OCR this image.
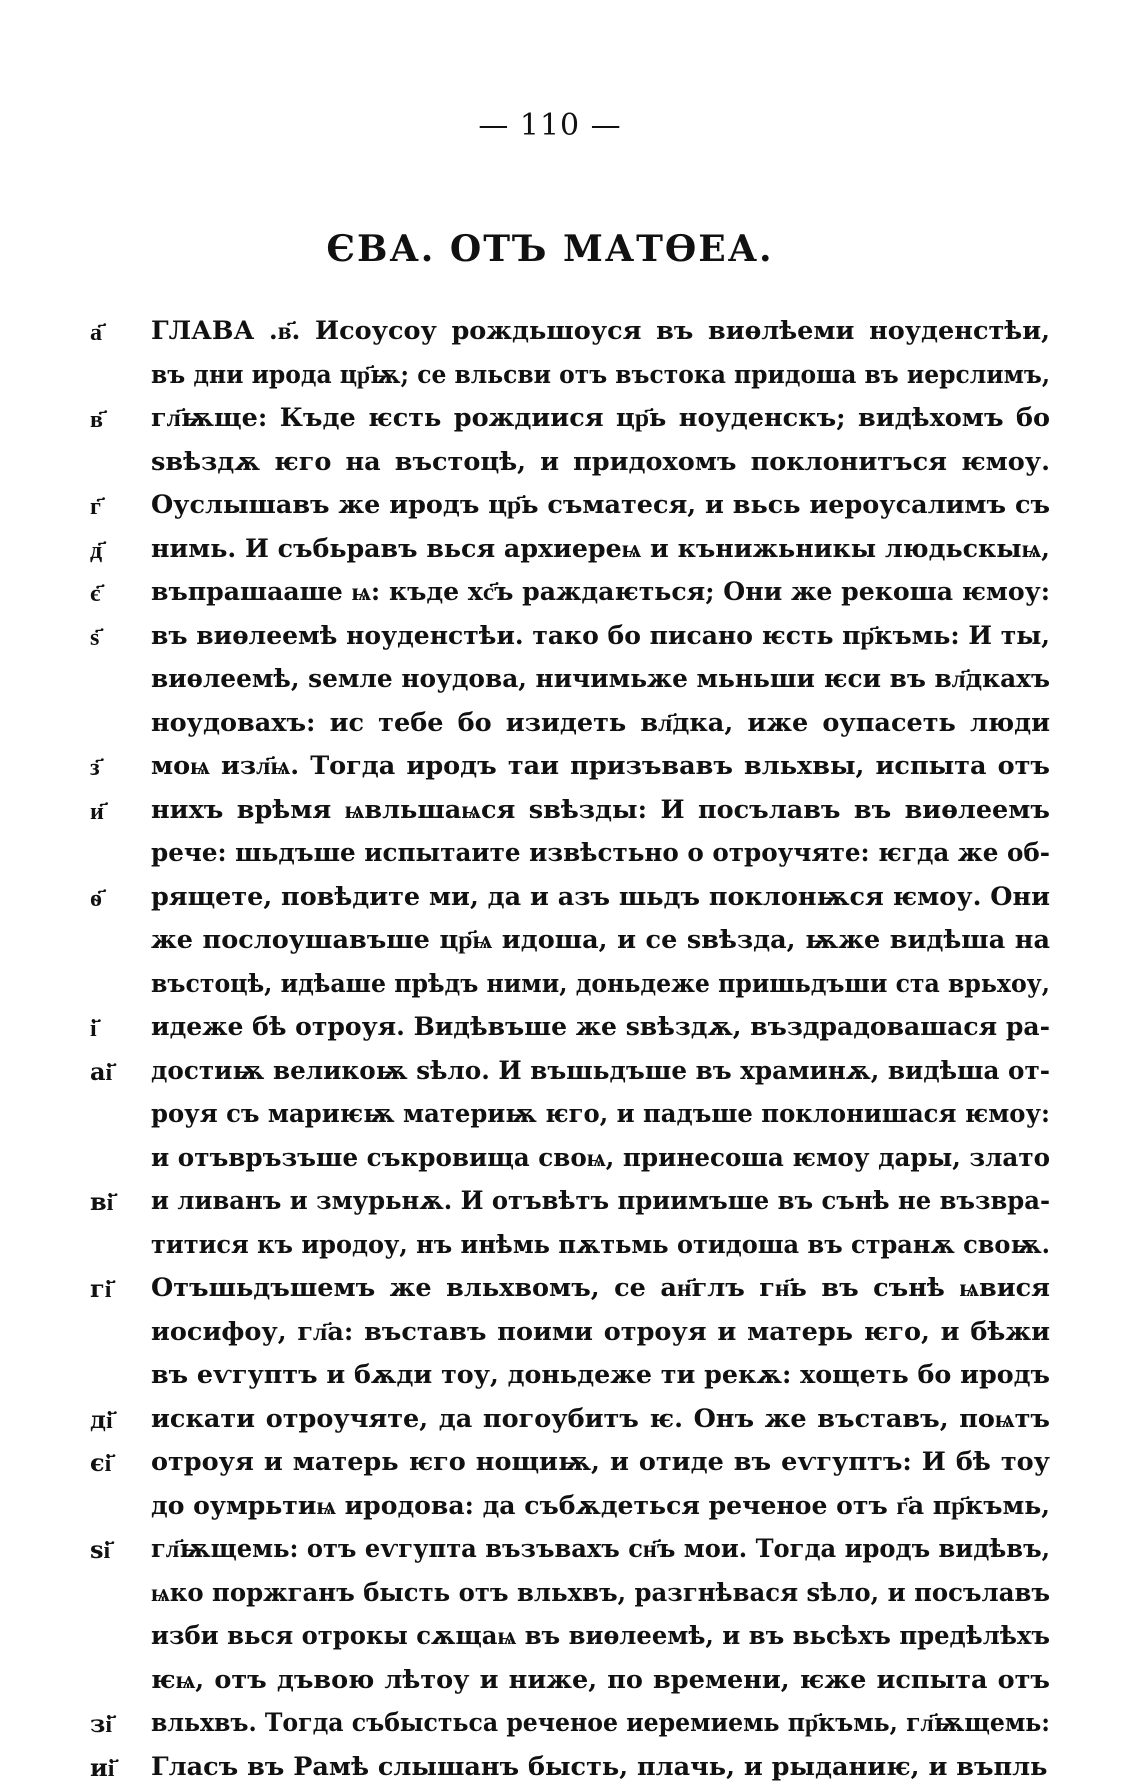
— 110 —
ЄВА. ОТЪ МАТѲЕА.
а҃	ГЛАВА .в҃. Исоусоу рождьшоуся въ виѳлѣеми ноуденстѣи,
въ дни ирода цр҃ѭ; се вльсви отъ въстока придоша въ иерслимъ,
в҃	гл҃ѭще: Къде ѥсть рождиися цр҃ь ноуденскъ; видѣхомъ бо
ѕвѣздѫ ѥго на въстоцѣ, и придохомъ поклонитъся ѥмоу.
г҃	Оуслышавъ же иродъ цр҃ь съматеся, и вьсь иероусалимъ съ
д҃	нимь. И събьравъ вься архиереѩ и кънижьникы людьскыѩ,
є҃	въпрашааше ѩ: къде хс҃ъ раждаѥться; Они же рекоша ѥмоу:
ѕ҃	въ виѳлеемѣ ноуденстѣи. тако бо писано ѥсть пр҃къмь: И ты,
виѳлеемѣ, ѕемле ноудова, ничимьже мьньши ѥси въ вл҃дкахъ
ноудовахъ: ис тебе бо изидеть вл҃дка, иже оупасеть люди
з҃	моѩ изл҃ѩ. Тогда иродъ таи призъвавъ вльхвы, испыта отъ
и҃	нихъ врѣмя ѩвльшаѩся ѕвѣзды: И посълавъ въ виѳлеемъ
рече: шьдъше испытаите извѣстьно о отроучяте: ѥгда же об-
ѳ҃	рящете, повѣдите ми, да и азъ шьдъ поклонѭся ѥмоу. Они
же послоушавъше цр҃ѩ идоша, и се ѕвѣзда, ѭже видѣша на
въстоцѣ, идѣаше прѣдъ ними, доньдеже пришьдъши ста врьхоу,
і҃	идеже бѣ отроуя. Видѣвъше же ѕвѣздѫ, въздрадовашася ра-
аі҃	достиѭ великоѭ ѕѣло. И въшьдъше въ храминѫ, видѣша от-
роуя съ мариѥѭ материѭ ѥго, и падъше поклонишася ѥмоу:
и отъвръзъше съкровища своѩ, принесоша ѥмоу дары, злато
ві҃	и ливанъ и змурьнѫ. И отъвѣтъ приимъше въ сънѣ не възвра-
титися къ иродоу, нъ инѣмь пѫтьмь отидоша въ странѫ своѭ.
гі҃	Отъшьдъшемъ же вльхвомъ, се ан҃глъ гн҃ь въ сънѣ ѩвися
иосифоу, гл҃а: въставъ поими отроуя и матерь ѥго, и бѣжи
въ еѵгуптъ и бѫди тоу, доньдеже ти рекѫ: хощеть бо иродъ
ді҃	искати отроучяте, да погоубитъ ѥ. Онъ же въставъ, поѩтъ
єі҃	отроуя и матерь ѥго нощиѭ, и отиде въ еѵгуптъ: И бѣ тоу
до оумрьтиѩ иродова: да събѫдеться реченое отъ г҃а пр҃къмь,
ѕі҃	гл҃ѭщемь: отъ еѵгупта възъвахъ сн҃ъ мои. Тогда иродъ видѣвъ,
ѩко поржганъ бысть отъ вльхвъ, разгнѣвася ѕѣло, и посълавъ
изби вься отрокы сѫщаѩ въ виѳлеемѣ, и въ вьсѣхъ предѣлѣхъ
ѥѩ, отъ дъвою лѣтоу и ниже, по времени, ѥже испыта отъ
зі҃	вльхвъ. Тогда събыстьса реченое иеремиемь пр҃къмь, гл҃ѭщемь:
иі҃	Гласъ въ Рамѣ слышанъ бысть, плачь, и рыданиѥ, и въпль
